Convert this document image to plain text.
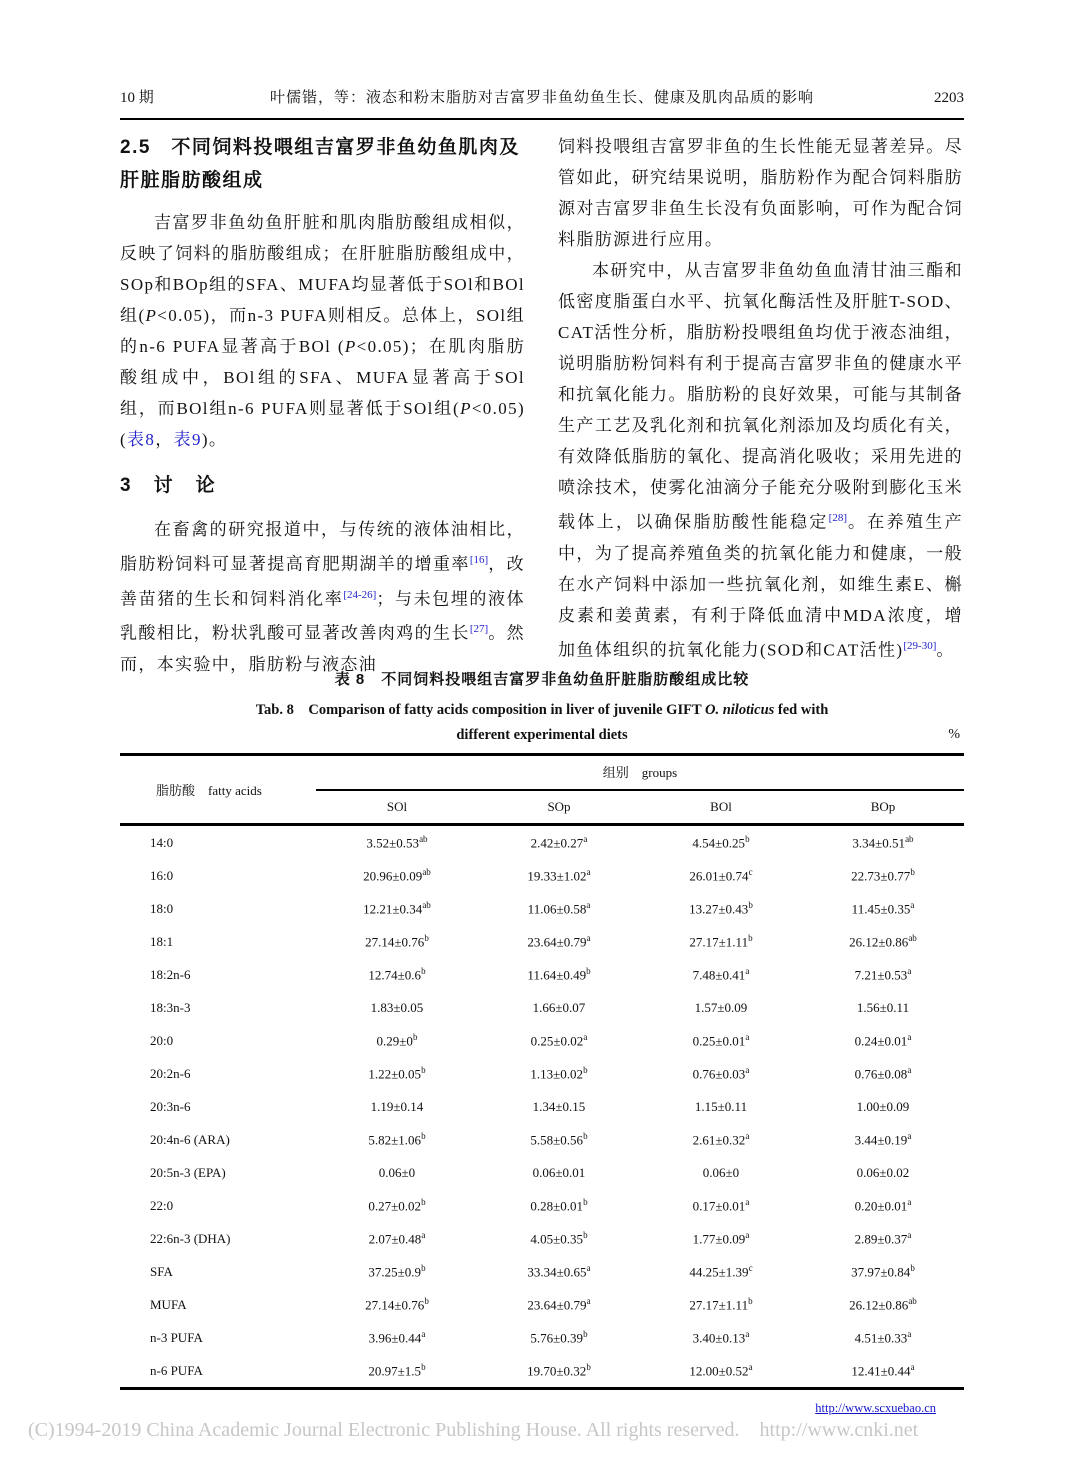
10 期	叶儒锴，等：液态和粉末脂肪对吉富罗非鱼幼鱼生长、健康及肌肉品质的影响	2203
2.5　不同饲料投喂组吉富罗非鱼幼鱼肌肉及肝脏脂肪酸组成

吉富罗非鱼幼鱼肝脏和肌肉脂肪酸组成相似，反映了饲料的脂肪酸组成；在肝脏脂肪酸组成中，SOp和BOp组的SFA、MUFA均显著低于SOl和BOl组(P<0.05)，而n-3 PUFA则相反。总体上，SOl组的n-6 PUFA显著高于BOl (P<0.05)；在肌肉脂肪酸组成中，BOl组的SFA、MUFA显著高于SOl组，而BOl组n-6 PUFA则显著低于SOl组(P<0.05)(表8，表9)。

3　讨　论

在畜禽的研究报道中，与传统的液体油相比，脂肪粉饲料可显著提高育肥期湖羊的增重率[16]，改善苗猪的生长和饲料消化率[24-26]；与未包埋的液体乳酸相比，粉状乳酸可显著改善肉鸡的生长[27]。然而，本实验中，脂肪粉与液态油

饲料投喂组吉富罗非鱼的生长性能无显著差异。尽管如此，研究结果说明，脂肪粉作为配合饲料脂肪源对吉富罗非鱼生长没有负面影响，可作为配合饲料脂肪源进行应用。

本研究中，从吉富罗非鱼幼鱼血清甘油三酯和低密度脂蛋白水平、抗氧化酶活性及肝脏T-SOD、CAT活性分析，脂肪粉投喂组鱼均优于液态油组，说明脂肪粉饲料有利于提高吉富罗非鱼的健康水平和抗氧化能力。脂肪粉的良好效果，可能与其制备生产工艺及乳化剂和抗氧化剂添加及均质化有关，有效降低脂肪的氧化、提高消化吸收；采用先进的喷涂技术，使雾化油滴分子能充分吸附到膨化玉米载体上，以确保脂肪酸性能稳定[28]。在养殖生产中，为了提高养殖鱼类的抗氧化能力和健康，一般在水产饲料中添加一些抗氧化剂，如维生素E、槲皮素和姜黄素，有利于降低血清中MDA浓度，增加鱼体组织的抗氧化能力(SOD和CAT活性)[29-30]。

表 8　不同饲料投喂组吉富罗非鱼幼鱼肝脏脂肪酸组成比较
Tab. 8　Comparison of fatty acids composition in liver of juvenile GIFT O. niloticus fed with
different experimental diets	%
脂肪酸　fatty acids
组别　groups
SOl	SOp	BOl	BOp
14:0	3.52±0.53$^{ab}$	2.42±0.27$^a$	4.54±0.25$^b$	3.34±0.51$^{ab}$
16:0	20.96±0.09$^{ab}$	19.33±1.02$^a$	26.01±0.74$^c$	22.73±0.77$^b$
18:0	12.21±0.34$^{ab}$	11.06±0.58$^a$	13.27±0.43$^b$	11.45±0.35$^a$
18:1	27.14±0.76$^b$	23.64±0.79$^a$	27.17±1.11$^b$	26.12±0.86$^{ab}$
18:2n-6	12.74±0.6$^b$	11.64±0.49$^b$	7.48±0.41$^a$	7.21±0.53$^a$
18:3n-3	1.83±0.05	1.66±0.07	1.57±0.09	1.56±0.11
20:0	$0.29\pm 0^b$	0.25±0.02$^a$	0.25±0.01$^a$	0.24±0.01$^a$
20:2n-6	1.22±0.05$^b$	1.13±0.02$^b$	0.76±0.03$^a$	0.76±0.08$^a$
20:3n-6	1.19±0.14	1.34±0.15	1.15±0.11	1.00±0.09
20:4n-6 (ARA)	5.82±1.06$^b$	5.58±0.56$^b$	2.61±0.32$^a$	3.44±0.19$^a$
20:5n-3 (EPA)	0.06±0	0.06±0.01	0.06±0	0.06±0.02
22:0	0.27±0.02$^b$	0.28±0.01$^b$	0.17±0.01$^a$	0.20±0.01$^a$
22:6n-3 (DHA)	2.07±0.48$^a$	4.05±0.35$^b$	1.77±0.09$^a$	2.89±0.37$^a$
SFA	37.25±0.9$^b$	33.34±0.65$^a$	44.25±1.39$^c$	37.97±0.84$^b$
MUFA	27.14±0.76$^b$	23.64±0.79$^a$	27.17±1.11$^b$	26.12±0.86$^{ab}$
n-3 PUFA	3.96±0.44$^a$	5.76±0.39$^b$	3.40±0.13$^a$	4.51±0.33$^a$
n-6 PUFA	20.97±1.5$^b$	19.70±0.32$^b$	12.00±0.52$^a$	12.41±0.44$^a$
http://www.scxuebao.cn
(C)1994-2019 China Academic Journal Electronic Publishing House. All rights reserved.    http://www.cnki.net
